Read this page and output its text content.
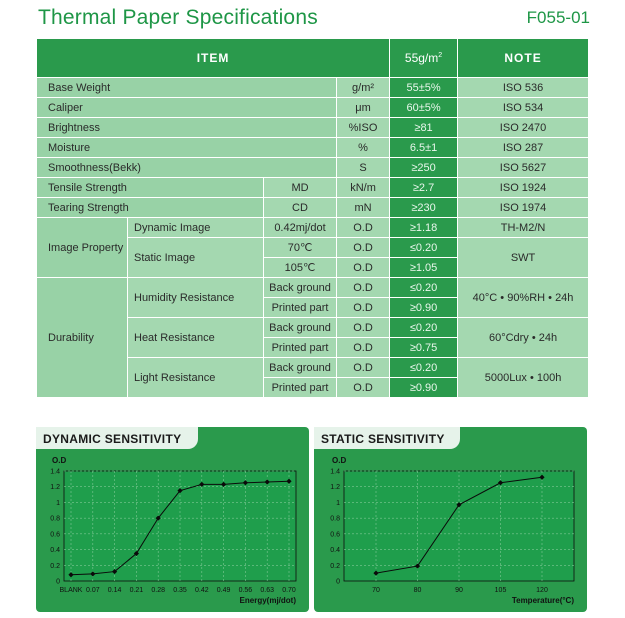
Thermal Paper Specifications	F055-01
ITEM				$55g/m^2$	NOTE
Base Weight			g/m²	55±5%	ISO 536
Caliper			μm	60±5%	ISO 534
Brightness			%ISO	≥81	ISO 2470
Moisture			%	6.5±1	ISO 287
Smoothness(Bekk)			S	≥250	ISO 5627
Tensile Strength		MD	kN/m	≥2.7	ISO 1924
Tearing Strength		CD	mN	≥230	ISO 1974
Image Property	Dynamic Image	0.42mj/dot	O.D	≥1.18	TH-M2/N
	Static Image	70℃	O.D	≤0.20	SWT
		105℃	O.D	≥1.05	
Durability	Humidity Resistance	Back ground	O.D	≤0.20	40°C • 90%RH • 24h
		Printed part	O.D	≥0.90	
	Heat Resistance	Back ground	O.D	≤0.20	60°Cdry • 24h
		Printed part	O.D	≥0.75	
	Light Resistance	Back ground	O.D	≤0.20	5000Lux • 100h
		Printed part	O.D	≥0.90	
0
0.2
0.4
0.6
0.8
1
1.2
1.4
BLANK 0.07 0.14 0.21 0.28 0.35 0.42 0.49 0.56 0.63 0.70
O.D
Energy(mj/dot)
DYNAMIC SENSITIVITY
0
0.2
0.4
0.6
0.8
1
1.2
1.4
70	80	90	105	120
O.D
Temperature(°C)
STATIC SENSITIVITY
